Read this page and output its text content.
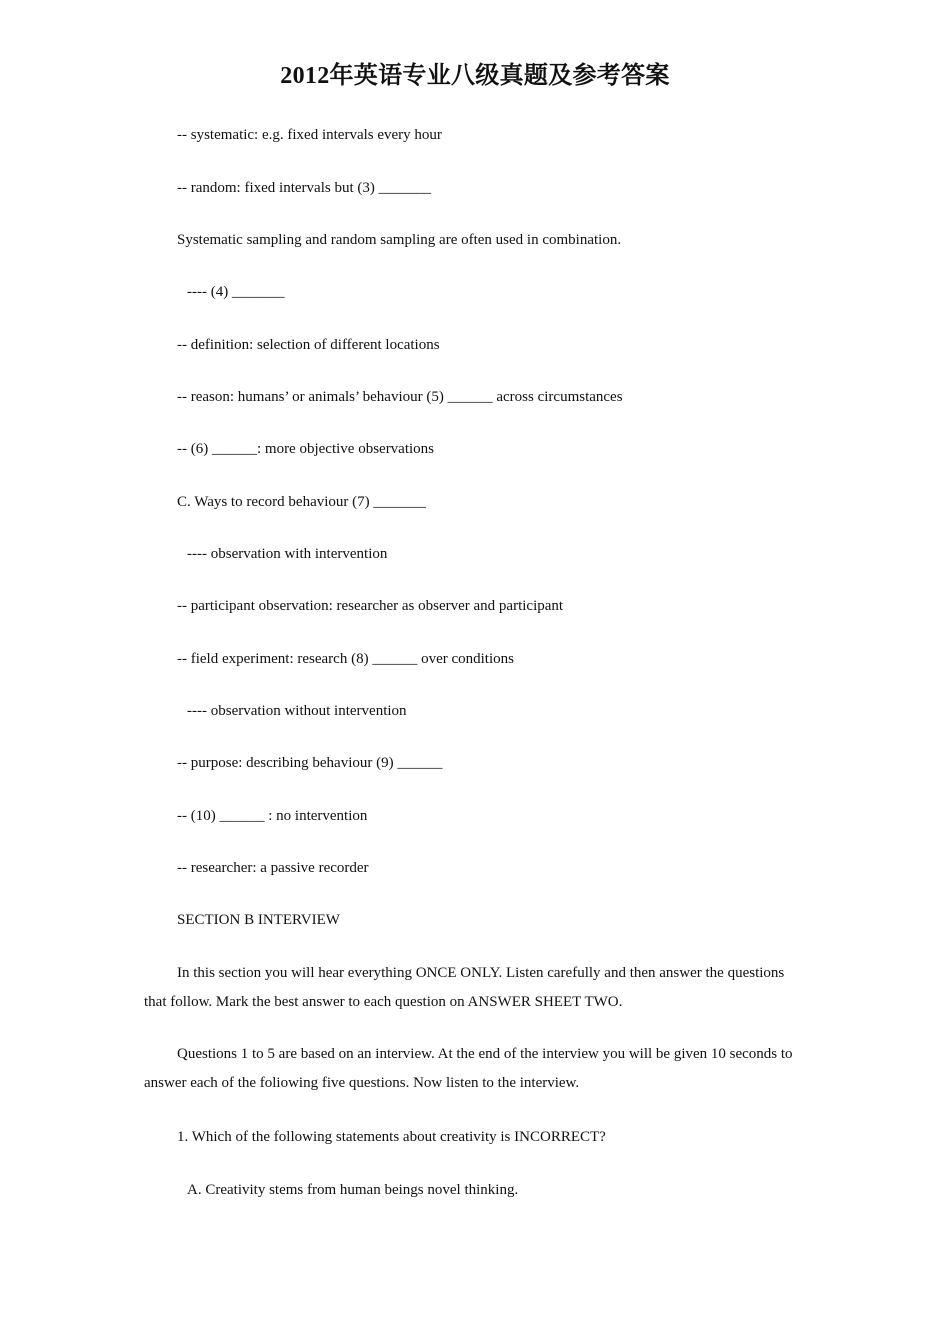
2012年英语专业八级真题及参考答案
-- systematic: e.g. fixed intervals every hour
-- random: fixed intervals but (3) _______
Systematic sampling and random sampling are often used in combination.
---- (4) _______
-- definition: selection of different locations
-- reason: humans’ or animals’ behaviour (5) ______ across circumstances
-- (6) ______: more objective observations
C. Ways to record behaviour (7) _______
---- observation with intervention
-- participant observation: researcher as observer and participant
-- field experiment: research (8) ______ over conditions
---- observation without intervention
-- purpose: describing behaviour (9) ______
-- (10) ______ : no intervention
-- researcher: a passive recorder
SECTION B INTERVIEW
In this section you will hear everything ONCE ONLY. Listen carefully and then answer the questions that follow. Mark the best answer to each question on ANSWER SHEET TWO.
Questions 1 to 5 are based on an interview. At the end of the interview you will be given 10 seconds to answer each of the foliowing five questions. Now listen to the interview.
1. Which of the following statements about creativity is INCORRECT?
A. Creativity stems from human beings novel thinking.
